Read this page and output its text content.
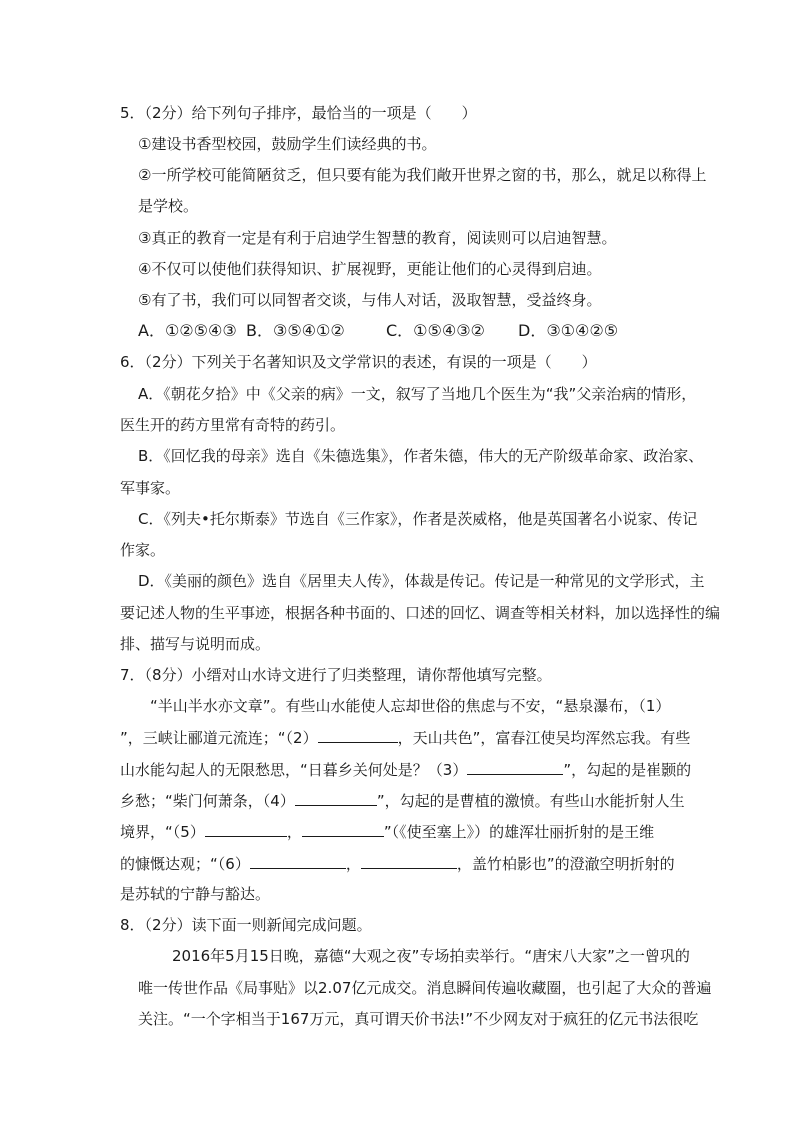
5．（2分）给下列句子排序，最恰当的一项是（　　）
①建设书香型校园，鼓励学生们读经典的书。
②一所学校可能简陋贫乏，但只要有能为我们敞开世界之窗的书，那么，就足以称得上
是学校。
③真正的教育一定是有利于启迪学生智慧的教育，阅读则可以启迪智慧。
④不仅可以使他们获得知识、扩展视野，更能让他们的心灵得到启迪。
⑤有了书，我们可以同智者交谈，与伟人对话，汲取智慧，受益终身。
A．①②⑤④③ B．③⑤④①②	C．①⑤④③② D．③①④②⑤
6．（2分）下列关于名著知识及文学常识的表述，有误的一项是（　　）
A．《朝花夕拾》中《父亲的病》一文，叙写了当地几个医生为“我”父亲治病的情形，
医生开的药方里常有奇特的药引。
B．《回忆我的母亲》选自《朱德选集》，作者朱德，伟大的无产阶级革命家、政治家、
军事家。
C．《列夫•托尔斯泰》节选自《三作家》，作者是茨威格，他是英国著名小说家、传记
作家。
D．《美丽的颜色》选自《居里夫人传》，体裁是传记。传记是一种常见的文学形式，主
要记述人物的生平事迹，根据各种书面的、口述的回忆、调查等相关材料，加以选择性的编
排、描写与说明而成。
7．（8分）小缙对山水诗文进行了归类整理，请你帮他填写完整。
“半山半水亦文章”。有些山水能使人忘却世俗的焦虑与不安，“悬泉瀑布，（1）
”，三峡让郦道元流连；“（2）	，天山共色”，富春江使吴均浑然忘我。有些
山水能勾起人的无限愁思，“日暮乡关何处是？（3）	”，勾起的是崔颢的
乡愁；“柴门何萧条，（4）	”，勾起的是曹植的激愤。有些山水能折射人生
境界，“（5）	，	”（《使至塞上》）的雄浑壮丽折射的是王维
的慷慨达观；“（6）	，	，盖竹柏影也”的澄澈空明折射的
是苏轼的宁静与豁达。
8．（2分）读下面一则新闻完成问题。
2016年5月15日晚，嘉德“大观之夜”专场拍卖举行。“唐宋八大家”之一曾巩的
唯一传世作品《局事贴》以2.07亿元成交。消息瞬间传遍收藏圈，也引起了大众的普遍
关注。“一个字相当于167万元，真可谓天价书法!”不少网友对于疯狂的亿元书法很吃
